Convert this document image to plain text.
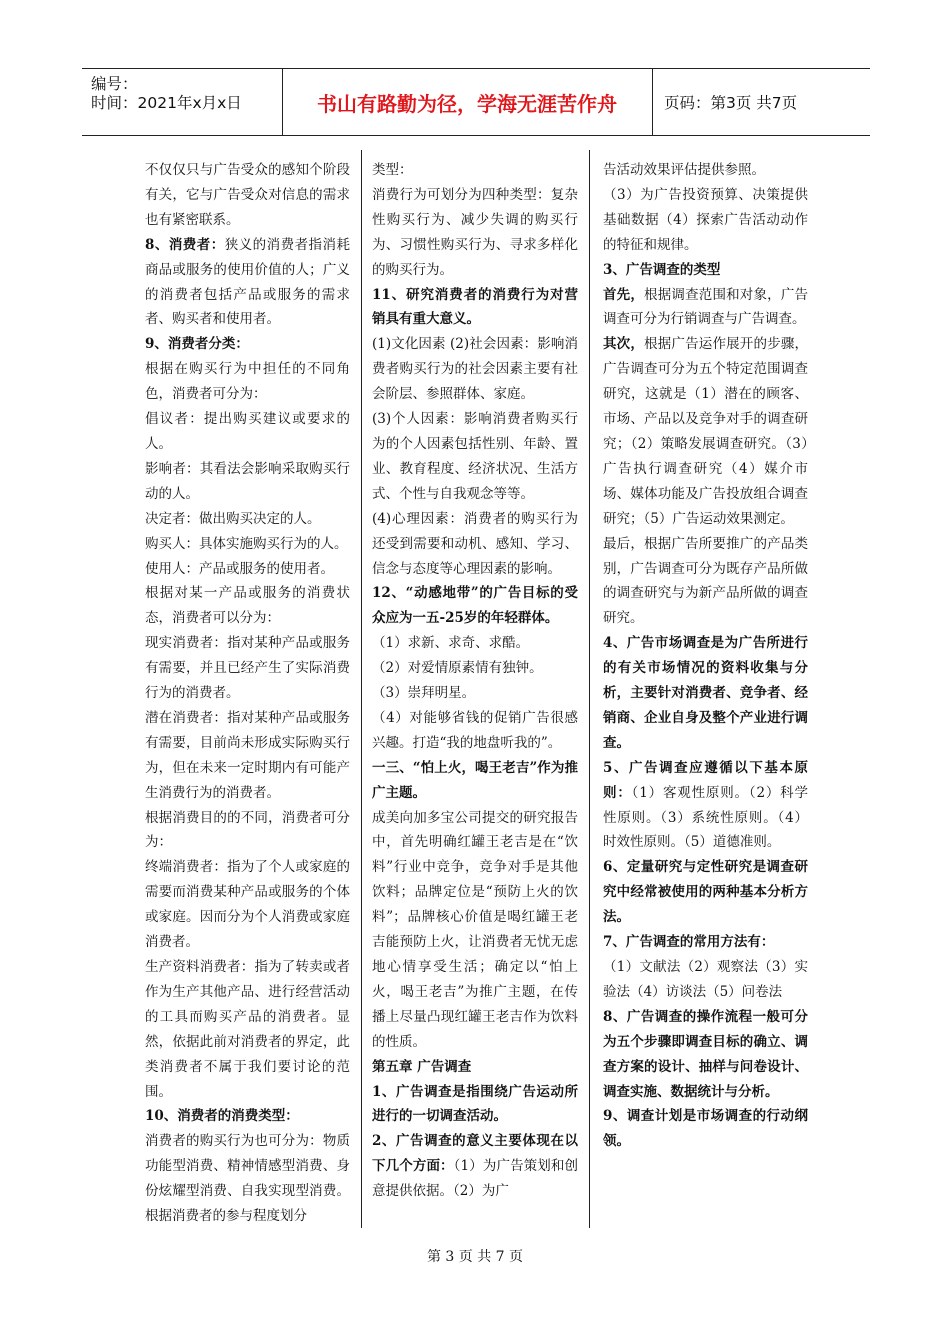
编号：
时间：2021年x月x日	书山有路勤为径，学海无涯苦作舟	页码：第3页 共7页

不仅仅只与广告受众的感知个阶段有关，它与广告受众对信息的需求也有紧密联系。

8、消费者：狭义的消费者指消耗商品或服务的使用价值的人；广义的消费者包括产品或服务的需求者、购买者和使用者。

9、消费者分类：

根据在购买行为中担任的不同角色，消费者可分为：

倡议者：提出购买建议或要求的人。

影响者：其看法会影响采取购买行动的人。

决定者：做出购买决定的人。

购买人：具体实施购买行为的人。

使用人：产品或服务的使用者。

根据对某一产品或服务的消费状态，消费者可以分为：

现实消费者：指对某种产品或服务有需要，并且已经产生了实际消费行为的消费者。

潜在消费者：指对某种产品或服务有需要，目前尚未形成实际购买行为，但在未来一定时期内有可能产生消费行为的消费者。

根据消费目的的不同，消费者可分为：

终端消费者：指为了个人或家庭的需要而消费某种产品或服务的个体或家庭。因而分为个人消费或家庭消费者。

生产资料消费者：指为了转卖或者作为生产其他产品、进行经营活动的工具而购买产品的消费者。显然，依据此前对消费者的界定，此类消费者不属于我们要讨论的范围。

10、消费者的消费类型：

消费者的购买行为也可分为：物质功能型消费、精神情感型消费、身份炫耀型消费、自我实现型消费。根据消费者的参与程度划分

类型：

消费行为可划分为四种类型：复杂性购买行为、减少失调的购买行为、习惯性购买行为、寻求多样化的购买行为。

11、研究消费者的消费行为对营销具有重大意义。

(1)文化因素 (2)社会因素：影响消费者购买行为的社会因素主要有社会阶层、参照群体、家庭。

(3)个人因素：影响消费者购买行为的个人因素包括性别、年龄、置业、教育程度、经济状况、生活方式、个性与自我观念等等。

(4)心理因素：消费者的购买行为还受到需要和动机、感知、学习、信念与态度等心理因素的影响。

12、“动感地带”的广告目标的受众应为一五-25岁的年轻群体。

（1）求新、求奇、求酷。

（2）对爱情原素情有独钟。

（3）崇拜明星。

（4）对能够省钱的促销广告很感兴趣。打造“我的地盘听我的”。

一三、“怕上火，喝王老吉”作为推广主题。

成美向加多宝公司提交的研究报告中，首先明确红罐王老吉是在“饮料”行业中竞争，竞争对手是其他饮料；品牌定位是“预防上火的饮料”；品牌核心价值是喝红罐王老吉能预防上火，让消费者无忧无虑地心情享受生活；确定以“怕上火，喝王老吉”为推广主题，在传播上尽量凸现红罐王老吉作为饮料的性质。

第五章 广告调查

1、广告调查是指围绕广告运动所进行的一切调查活动。

2、广告调查的意义主要体现在以下几个方面：（1）为广告策划和创意提供依据。（2）为广

告活动效果评估提供参照。

（3）为广告投资预算、决策提供基础数据（4）探索广告活动动作的特征和规律。

3、广告调查的类型

首先，根据调查范围和对象，广告调查可分为行销调查与广告调查。

其次，根据广告运作展开的步骤，广告调查可分为五个特定范围调查研究，这就是（1）潜在的顾客、市场、产品以及竞争对手的调查研究；（2）策略发展调查研究。（3）广告执行调查研究（4）媒介市场、媒体功能及广告投放组合调查研究；（5）广告运动效果测定。

最后，根据广告所要推广的产品类别，广告调查可分为既存产品所做的调查研究与为新产品所做的调查研究。

4、广告市场调查是为广告所进行的有关市场情况的资料收集与分析，主要针对消费者、竞争者、经销商、企业自身及整个产业进行调查。

5、广告调查应遵循以下基本原则：（1）客观性原则。（2）科学性原则。（3）系统性原则。（4）时效性原则。（5）道德准则。

6、定量研究与定性研究是调查研究中经常被使用的两种基本分析方法。

7、广告调查的常用方法有：

（1）文献法（2）观察法（3）实验法（4）访谈法（5）问卷法

8、广告调查的操作流程一般可分为五个步骤即调查目标的确立、调查方案的设计、抽样与问卷设计、调查实施、数据统计与分析。

9、调查计划是市场调查的行动纲领。

第 3 页 共 7 页
